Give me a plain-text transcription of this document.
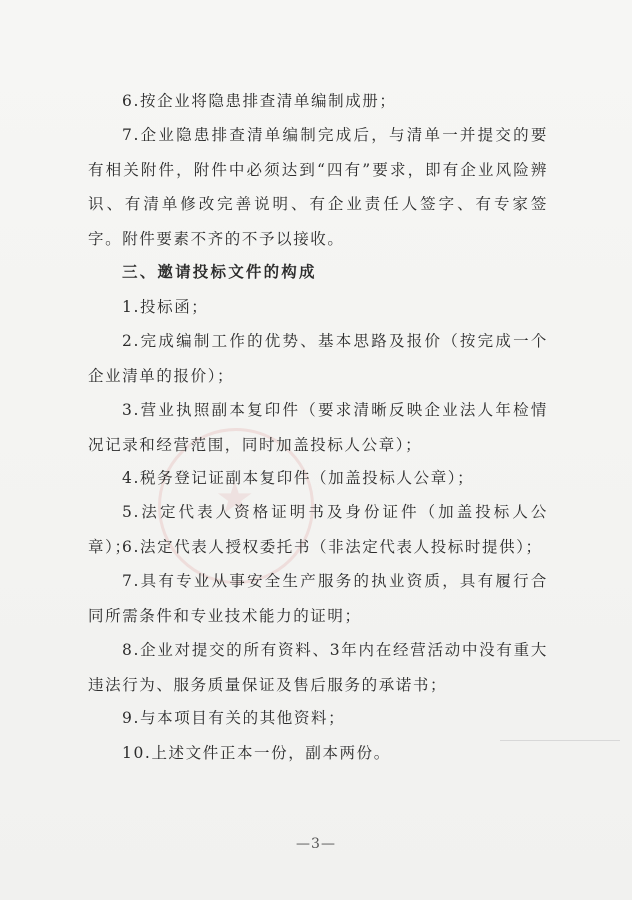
★

6.按企业将隐患排查清单编制成册；

7.企业隐患排查清单编制完成后，与清单一并提交的要有相关附件，附件中必须达到“四有”要求，即有企业风险辨识、有清单修改完善说明、有企业责任人签字、有专家签字。附件要素不齐的不予以接收。

三、邀请投标文件的构成

1.投标函；

2.完成编制工作的优势、基本思路及报价（按完成一个企业清单的报价）；

3.营业执照副本复印件（要求清晰反映企业法人年检情况记录和经营范围，同时加盖投标人公章）；

4.税务登记证副本复印件（加盖投标人公章）；

5.法定代表人资格证明书及身份证件（加盖投标人公章）；

6.法定代表人授权委托书（非法定代表人投标时提供）；

7.具有专业从事安全生产服务的执业资质，具有履行合同所需条件和专业技术能力的证明；

8.企业对提交的所有资料、3年内在经营活动中没有重大违法行为、服务质量保证及售后服务的承诺书；

9.与本项目有关的其他资料；

10.上述文件正本一份，副本两份。

—3—
